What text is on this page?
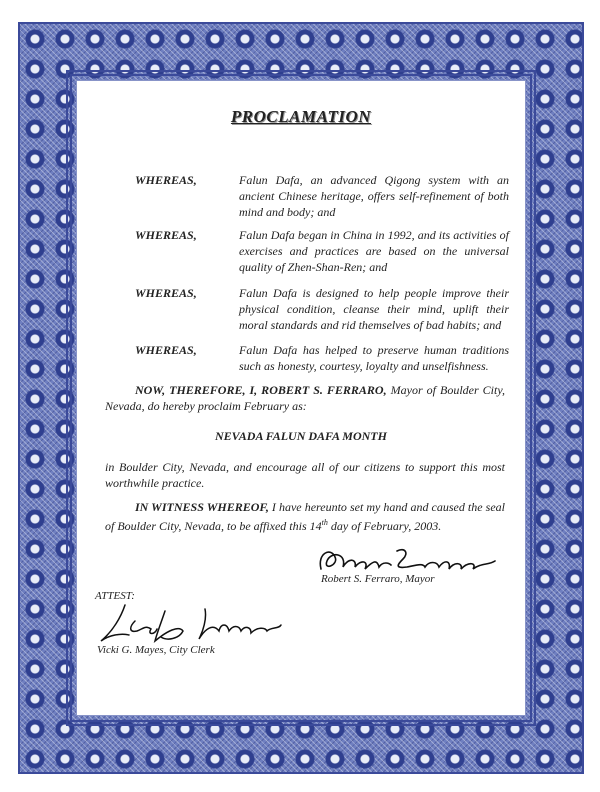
PROCLAMATION
WHEREAS,	Falun Dafa, an advanced Qigong system with an ancient Chinese heritage, offers self-refinement of both mind and body; and
WHEREAS,	Falun Dafa began in China in 1992, and its activities of exercises and practices are based on the universal quality of Zhen-Shan-Ren; and
WHEREAS,	Falun Dafa is designed to help people improve their physical condition, cleanse their mind, uplift their moral standards and rid themselves of bad habits; and
WHEREAS,	Falun Dafa has helped to preserve human traditions such as honesty, courtesy, loyalty and unselfishness.
NOW, THEREFORE, I, ROBERT S. FERRARO, Mayor of Boulder City, Nevada, do hereby proclaim February as:
NEVADA FALUN DAFA MONTH
in Boulder City, Nevada, and encourage all of our citizens to support this most worthwhile practice.
IN WITNESS WHEREOF, I have hereunto set my hand and caused the seal of Boulder City, Nevada, to be affixed this 14th day of February, 2003.
Robert S. Ferraro, Mayor
ATTEST:
Vicki G. Mayes, City Clerk
